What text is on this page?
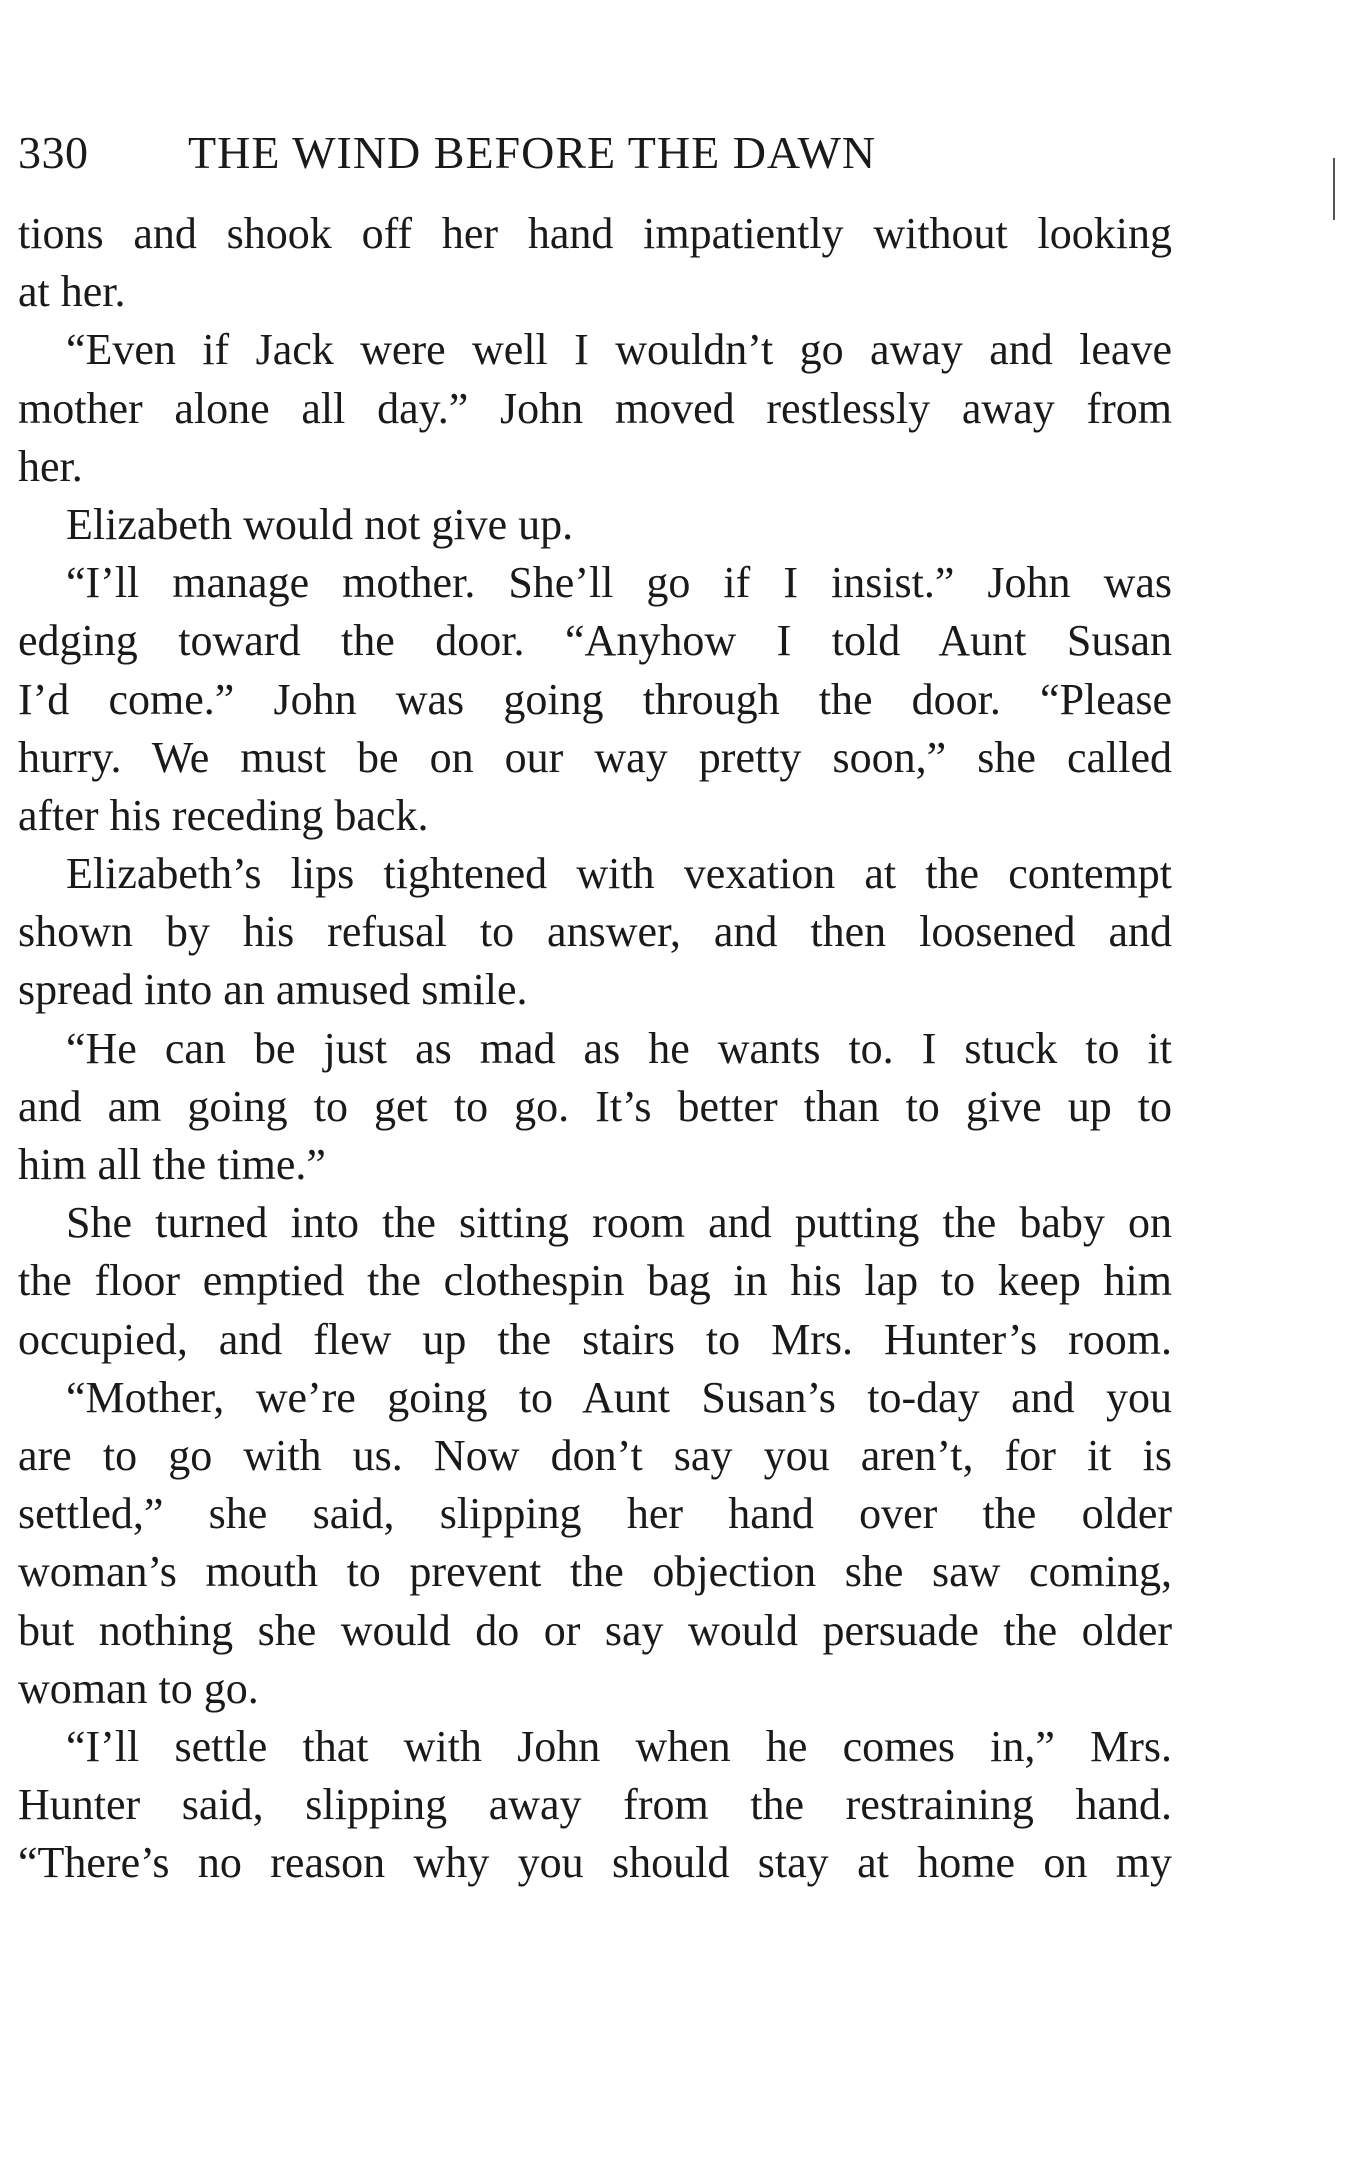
330 THE WIND BEFORE THE DAWN
tions and shook off her hand impatiently without looking
at her.
“Even if Jack were well I wouldn’t go away and leave
mother alone all day.” John moved restlessly away from
her.
Elizabeth would not give up.
“I’ll manage mother. She’ll go if I insist.” John was
edging toward the door. “Anyhow I told Aunt Susan
I’d come.” John was going through the door. “Please
hurry. We must be on our way pretty soon,” she called
after his receding back.
Elizabeth’s lips tightened with vexation at the contempt
shown by his refusal to answer, and then loosened and
spread into an amused smile.
“He can be just as mad as he wants to. I stuck to it
and am going to get to go. It’s better than to give up to
him all the time.”
She turned into the sitting room and putting the baby on
the floor emptied the clothespin bag in his lap to keep him
occupied, and flew up the stairs to Mrs. Hunter’s room.
“Mother, we’re going to Aunt Susan’s to-day and you
are to go with us. Now don’t say you aren’t, for it is
settled,” she said, slipping her hand over the older
woman’s mouth to prevent the objection she saw coming,
but nothing she would do or say would persuade the older
woman to go.
“I’ll settle that with John when he comes in,” Mrs.
Hunter said, slipping away from the restraining hand.
“There’s no reason why you should stay at home on my
